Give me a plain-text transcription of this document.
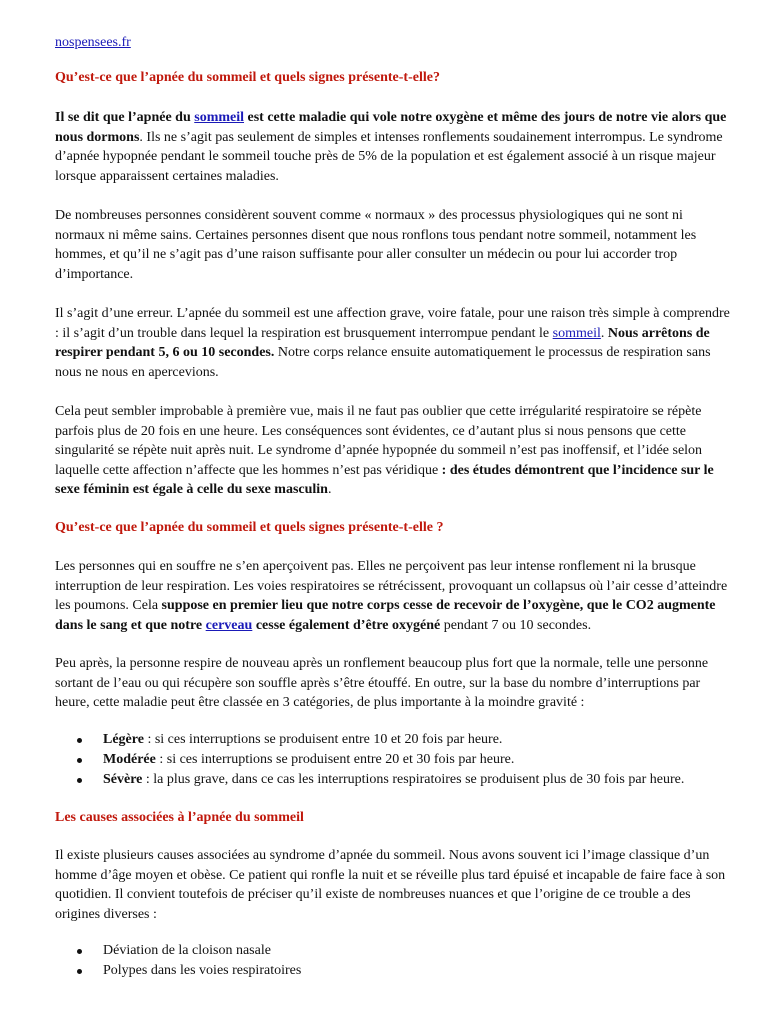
nospensees.fr
Qu’est-ce que l’apnée du sommeil et quels signes présente-t-elle?

Il se dit que l’apnée du sommeil est cette maladie qui vole notre oxygène et même des jours de notre vie alors que nous dormons. Ils ne s’agit pas seulement de simples et intenses ronflements soudainement interrompus. Le syndrome d’apnée hypopnée pendant le sommeil touche près de 5% de la population et est également associé à un risque majeur lorsque apparaissent certaines maladies.

De nombreuses personnes considèrent souvent comme « normaux » des processus physiologiques qui ne sont ni normaux ni même sains. Certaines personnes disent que nous ronflons tous pendant notre sommeil, notamment les hommes, et qu’il ne s’agit pas d’une raison suffisante pour aller consulter un médecin ou pour lui accorder trop d’importance.

Il s’agit d’une erreur. L’apnée du sommeil est une affection grave, voire fatale, pour une raison très simple à comprendre : il s’agit d’un trouble dans lequel la respiration est brusquement interrompue pendant le sommeil. Nous arrêtons de respirer pendant 5, 6 ou 10 secondes. Notre corps relance ensuite automatiquement le processus de respiration sans nous ne nous en apercevions.

Cela peut sembler improbable à première vue, mais il ne faut pas oublier que cette irrégularité respiratoire se répète parfois plus de 20 fois en une heure. Les conséquences sont évidentes, ce d’autant plus si nous pensons que cette singularité se répète nuit après nuit. Le syndrome d’apnée hypopnée du sommeil n’est pas inoffensif, et l’idée selon laquelle cette affection n’affecte que les hommes n’est pas véridique : des études démontrent que l’incidence sur le sexe féminin est égale à celle du sexe masculin.

Qu’est-ce que l’apnée du sommeil et quels signes présente-t-elle ?

Les personnes qui en souffre ne s’en aperçoivent pas. Elles ne perçoivent pas leur intense ronflement ni la brusque interruption de leur respiration. Les voies respiratoires se rétrécissent, provoquant un collapsus où l’air cesse d’atteindre les poumons. Cela suppose en premier lieu que notre corps cesse de recevoir de l’oxygène, que le CO2 augmente dans le sang et que notre cerveau cesse également d’être oxygéné pendant 7 ou 10 secondes.

Peu après, la personne respire de nouveau après un ronflement beaucoup plus fort que la normale, telle une personne sortant de l’eau ou qui récupère son souffle après s’être étouffé. En outre, sur la base du nombre d’interruptions par heure, cette maladie peut être classée en 3 catégories, de plus importante à la moindre gravité :

Légère : si ces interruptions se produisent entre 10 et 20 fois par heure.
Modérée : si ces interruptions se produisent entre 20 et 30 fois par heure.
Sévère : la plus grave, dans ce cas les interruptions respiratoires se produisent plus de 30 fois par heure.
Les causes associées à l’apnée du sommeil

Il existe plusieurs causes associées au syndrome d’apnée du sommeil. Nous avons souvent ici l’image classique d’un homme d’âge moyen et obèse. Ce patient qui ronfle la nuit et se réveille plus tard épuisé et incapable de faire face à son quotidien. Il convient toutefois de préciser qu’il existe de nombreuses nuances et que l’origine de ce trouble a des origines diverses :

Déviation de la cloison nasale
Polypes dans les voies respiratoires
